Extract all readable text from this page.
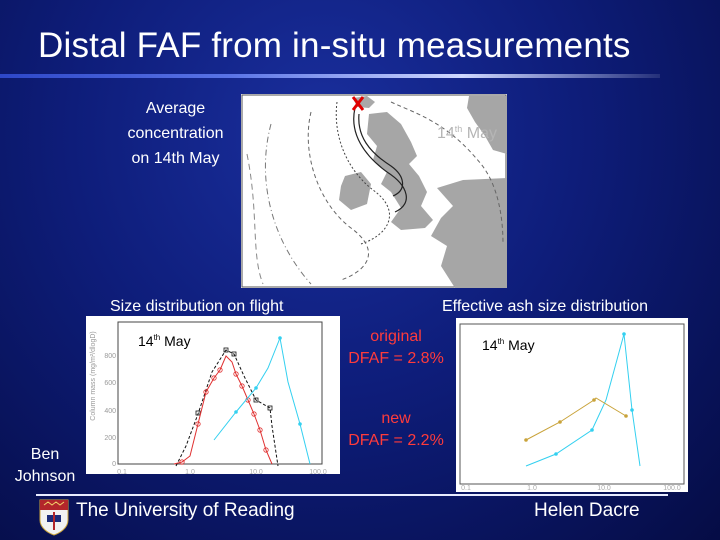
Distal FAF from in-situ measurements
Average
concentration
on 14th May
14th May
Size distribution on flight	Effective ash size distribution
Column mass (mg/m²/dlogD)
0
200
400
600
800
14th May
0.1	1.0	10.0	100.0
14th May
0.1	1.0	10.0	100.0
original
DFAF = 2.8%
new
DFAF = 2.2%
Ben
Johnson
The University of Reading	Helen Dacre
